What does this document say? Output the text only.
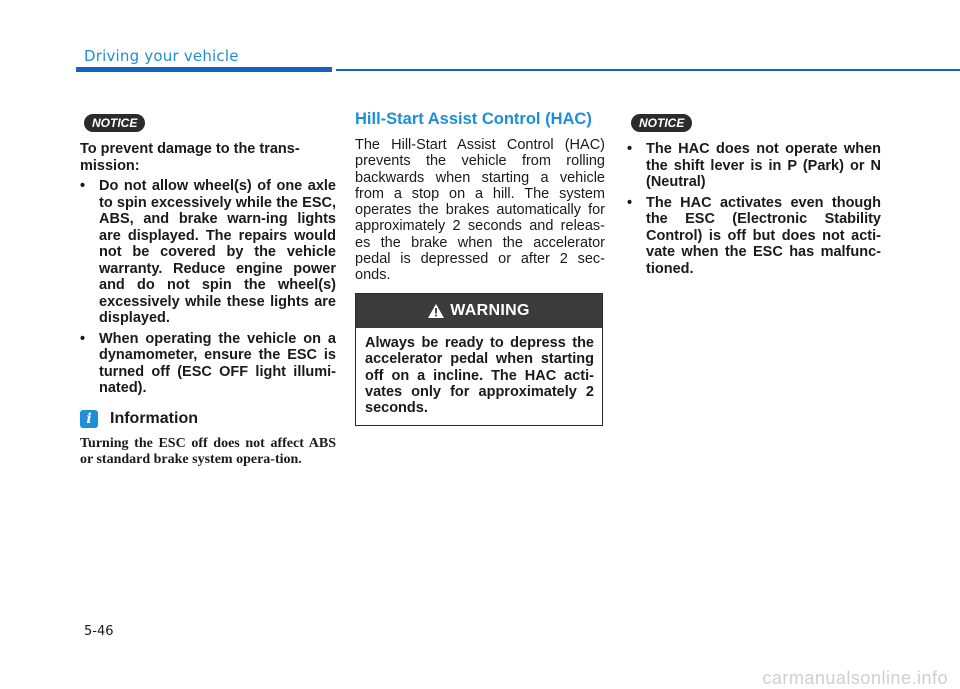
Driving your vehicle
NOTICE
To prevent damage to the trans-mission:
• Do not allow wheel(s) of one axle to spin excessively while the ESC, ABS, and brake warn-ing lights are displayed. The repairs would not be covered by the vehicle warranty. Reduce engine power and do not spin the wheel(s) excessively while these lights are displayed.
• When operating the vehicle on a dynamometer, ensure the ESC is turned off (ESC OFF light illumi-nated).
i	Information
Turning the ESC off does not affect ABS or standard brake system opera-tion.
Hill-Start Assist Control (HAC)
The Hill-Start Assist Control (HAC) prevents the vehicle from rolling backwards when starting a vehicle from a stop on a hill. The system operates the brakes automatically for approximately 2 seconds and releas-es the brake when the accelerator pedal is depressed or after 2 sec-onds.
WARNING
Always be ready to depress the accelerator pedal when starting off on a incline. The HAC acti-vates only for approximately 2 seconds.
NOTICE
• The HAC does not operate when the shift lever is in P (Park) or N (Neutral)
• The HAC activates even though the ESC (Electronic Stability Control) is off but does not acti-vate when the ESC has malfunc-tioned.
5-46
carmanualsonline.info
